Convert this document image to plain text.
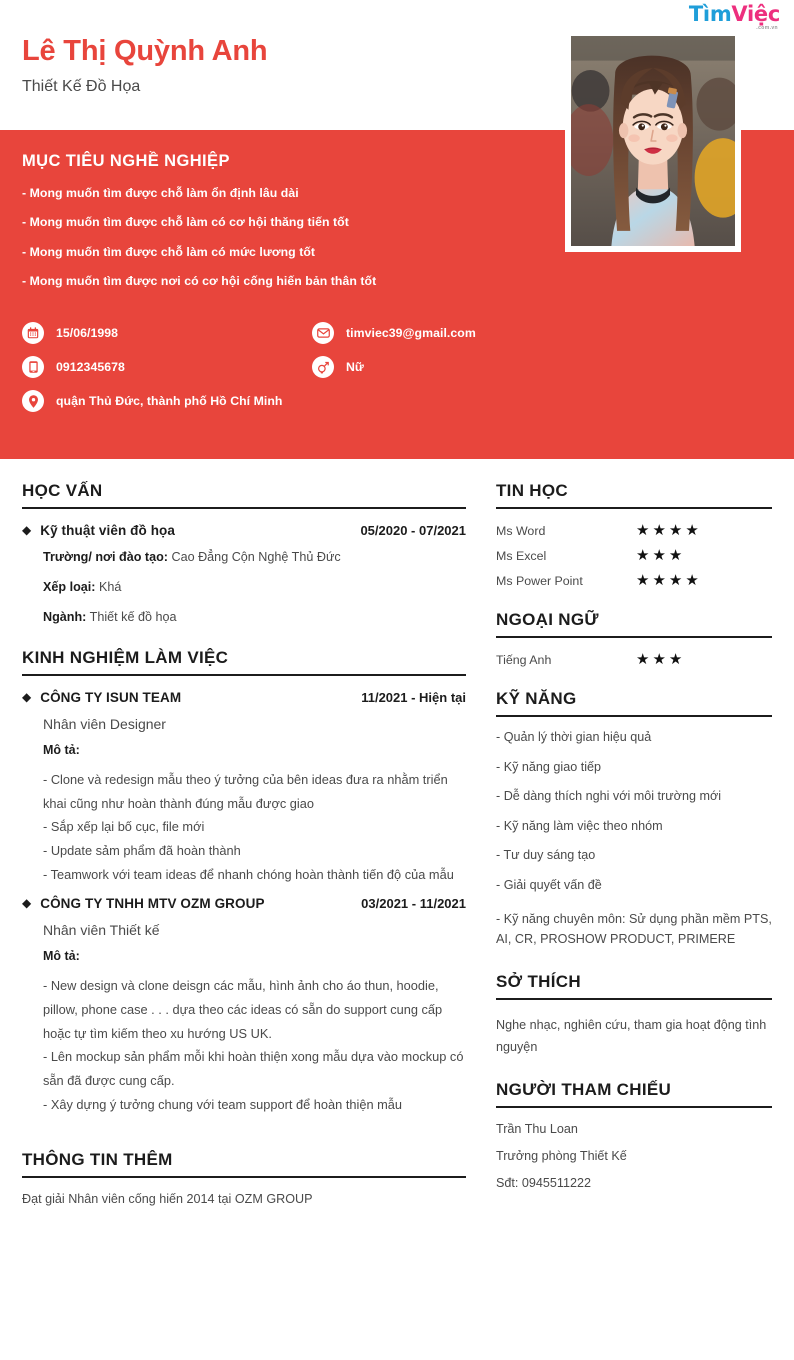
TìmViệc
.com.vn
Lê Thị Quỳnh Anh
Thiết Kế Đồ Họa
MỤC TIÊU NGHỀ NGHIỆP
- Mong muốn tìm được chỗ làm ổn định lâu dài
- Mong muốn tìm được chỗ làm có cơ hội thăng tiến tốt
- Mong muốn tìm được chỗ làm có mức lương tốt
- Mong muốn tìm được nơi có cơ hội cống hiến bản thân tốt
15/06/1998
0912345678
quận Thủ Đức, thành phố Hồ Chí Minh
timviec39@gmail.com
Nữ
HỌC VẤN
◆ Kỹ thuật viên đồ họa	05/2020 - 07/2021
Trường/ nơi đào tạo: Cao Đẳng Cộn Nghệ Thủ Đức
Xếp loại: Khá
Ngành: Thiết kế đồ họa
KINH NGHIỆM LÀM VIỆC
◆ CÔNG TY ISUN TEAM	11/2021 - Hiện tại
Nhân viên Designer
Mô tả:
- Clone và redesign mẫu theo ý tưởng của bên ideas đưa ra nhằm triển khai cũng như hoàn thành đúng mẫu được giao
- Sắp xếp lại bố cục, file mới
- Update sảm phẩm đã hoàn thành
- Teamwork với team ideas để nhanh chóng hoàn thành tiến độ của mẫu
◆ CÔNG TY TNHH MTV OZM GROUP	03/2021 - 11/2021
Nhân viên Thiết kế
Mô tả:
- New design và clone deisgn các mẫu, hình ảnh cho áo thun, hoodie, pillow, phone case . . . dựa theo các ideas có sẵn do support cung cấp hoặc tự tìm kiếm theo xu hướng US UK.
- Lên mockup sản phẩm mỗi khi hoàn thiện xong mẫu dựa vào mockup có sẵn đã được cung cấp.
- Xây dựng ý tưởng chung với team support để hoàn thiện mẫu
THÔNG TIN THÊM
Đạt giải Nhân viên cống hiến 2014 tại OZM GROUP
TIN HỌC
Ms Word	★★★★
Ms Excel	★★★
Ms Power Point	★★★★
NGOẠI NGỮ
Tiếng Anh	★★★
KỸ NĂNG
- Quản lý thời gian hiệu quả
- Kỹ năng giao tiếp
- Dễ dàng thích nghi với môi trường mới
- Kỹ năng làm việc theo nhóm
- Tư duy sáng tạo
- Giải quyết vấn đề
- Kỹ năng chuyên môn: Sử dụng phần mềm PTS, AI, CR, PROSHOW PRODUCT, PRIMERE
SỞ THÍCH
Nghe nhạc, nghiên cứu, tham gia hoạt động tình nguyện
NGƯỜI THAM CHIẾU
Trần Thu Loan
Trưởng phòng Thiết Kế
Sđt: 0945511222
